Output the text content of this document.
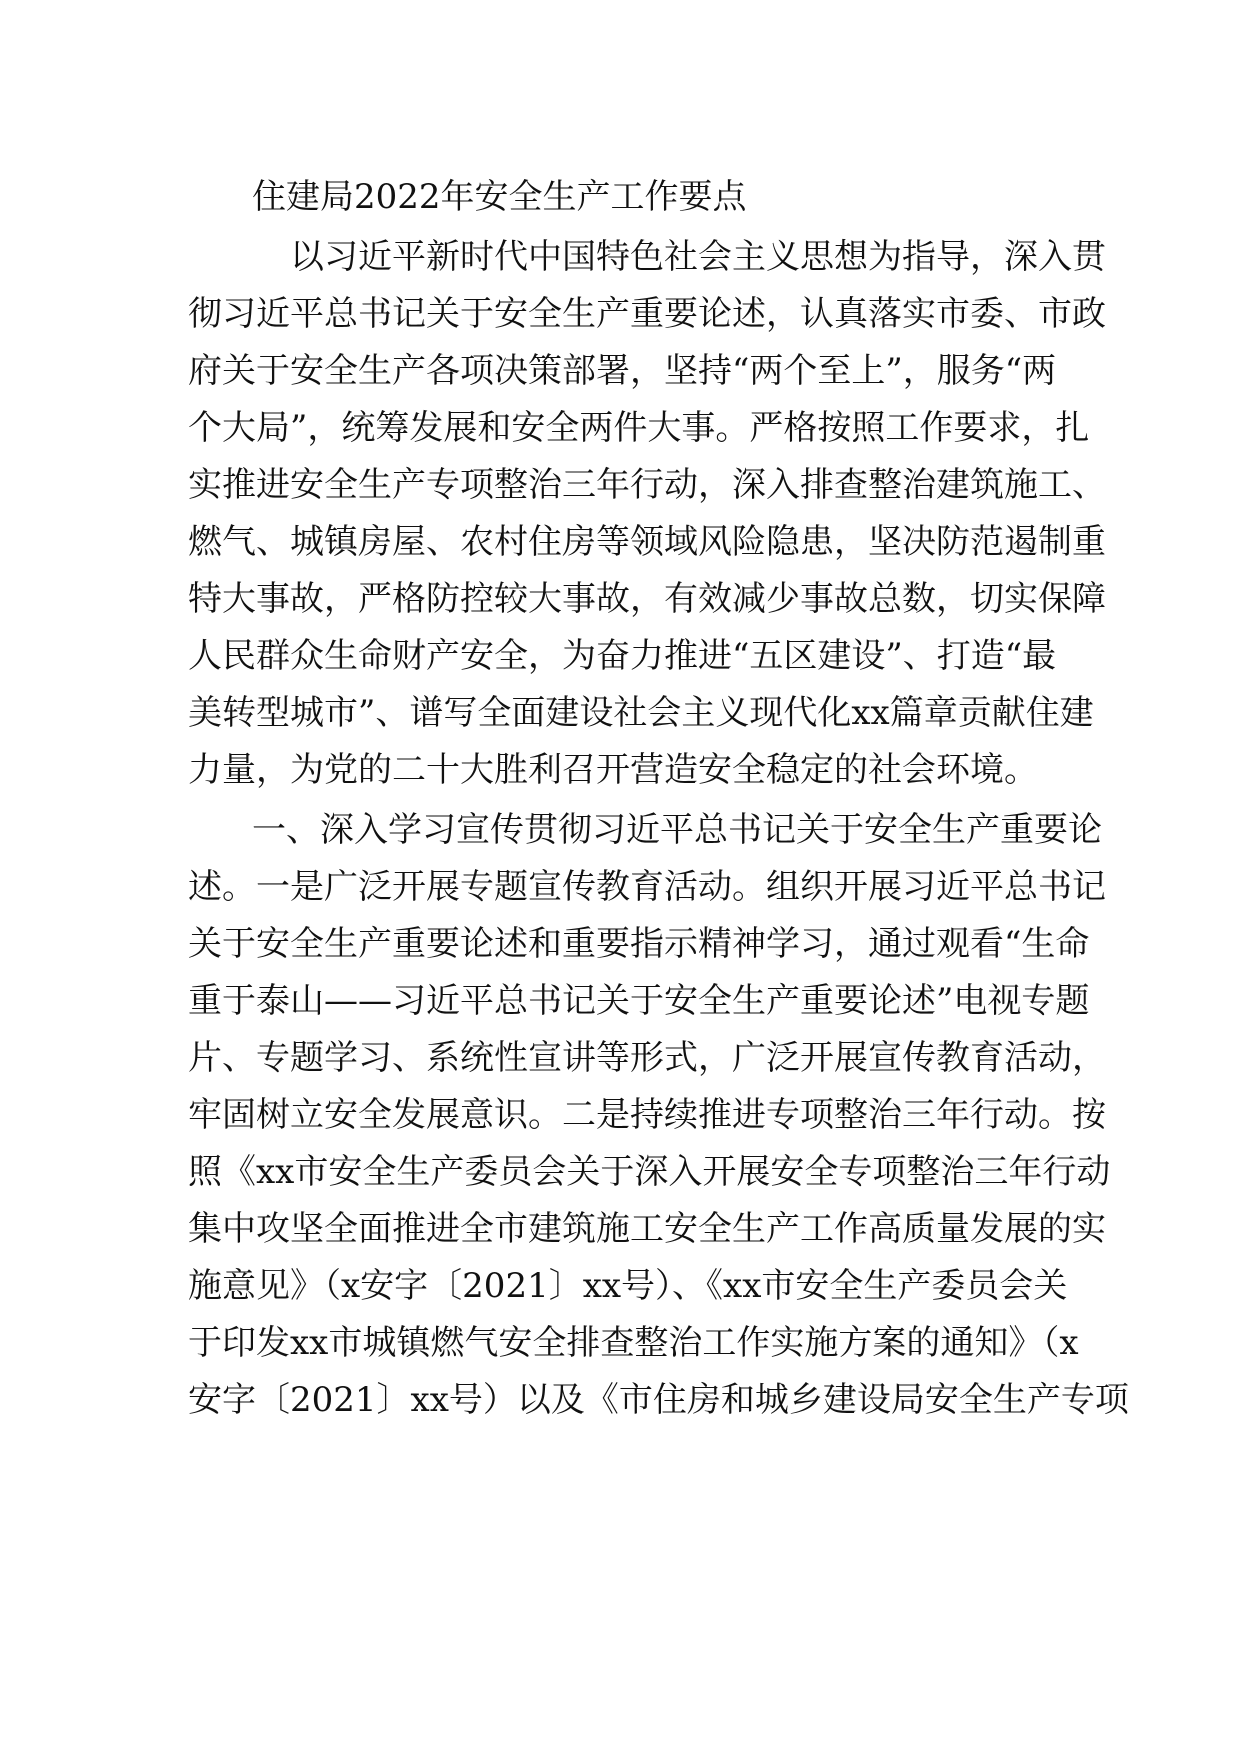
住建局2022年安全生产工作要点

以习近平新时代中国特色社会主义思想为指导，深入贯

彻习近平总书记关于安全生产重要论述，认真落实市委、市政

府关于安全生产各项决策部署，坚持“两个至上”，服务“两

个大局”，统筹发展和安全两件大事。严格按照工作要求，扎

实推进安全生产专项整治三年行动，深入排查整治建筑施工、

燃气、城镇房屋、农村住房等领域风险隐患，坚决防范遏制重

特大事故，严格防控较大事故，有效减少事故总数，切实保障

人民群众生命财产安全，为奋力推进“五区建设”、打造“最

美转型城市”、谱写全面建设社会主义现代化xx篇章贡献住建

力量，为党的二十大胜利召开营造安全稳定的社会环境。

一、深入学习宣传贯彻习近平总书记关于安全生产重要论

述。一是广泛开展专题宣传教育活动。组织开展习近平总书记

关于安全生产重要论述和重要指示精神学习，通过观看“生命

重于泰山——习近平总书记关于安全生产重要论述”电视专题

片、专题学习、系统性宣讲等形式，广泛开展宣传教育活动，

牢固树立安全发展意识。二是持续推进专项整治三年行动。按

照《xx市安全生产委员会关于深入开展安全专项整治三年行动

集中攻坚全面推进全市建筑施工安全生产工作高质量发展的实

施意见》（x安字〔2021〕xx号）、《xx市安全生产委员会关

于印发xx市城镇燃气安全排查整治工作实施方案的通知》（x

安字〔2021〕xx号）以及《市住房和城乡建设局安全生产专项
